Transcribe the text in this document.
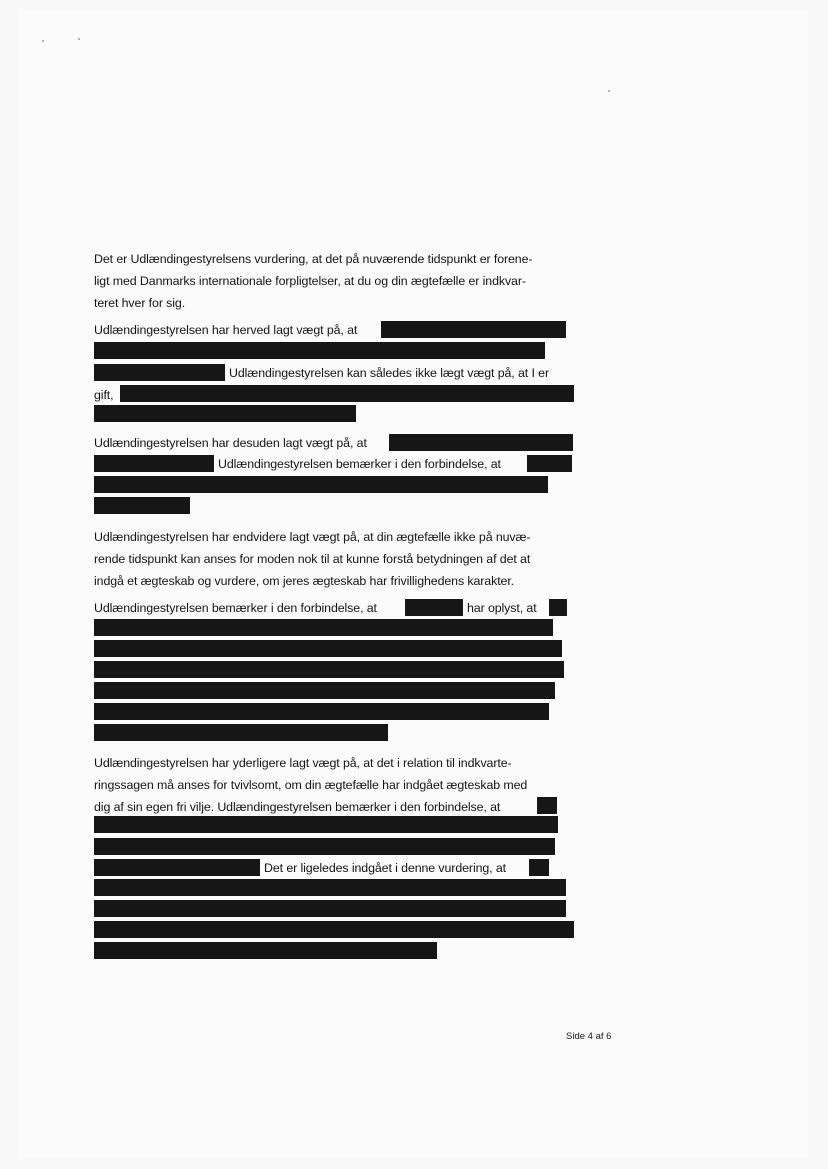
Det er Udlændingestyrelsens vurdering, at det på nuværende tidspunkt er forene-
ligt med Danmarks internationale forpligtelser, at du og din ægtefælle er indkvar-
teret hver for sig.
Udlændingestyrelsen har herved lagt vægt på, at
Udlændingestyrelsen kan således ikke lægt vægt på, at I er
gift,
Udlændingestyrelsen har desuden lagt vægt på, at
Udlændingestyrelsen bemærker i den forbindelse, at
Udlændingestyrelsen har endvidere lagt vægt på, at din ægtefælle ikke på nuvæ-
rende tidspunkt kan anses for moden nok til at kunne forstå betydningen af det at
indgå et ægteskab og vurdere, om jeres ægteskab har frivillighedens karakter.
Udlændingestyrelsen bemærker i den forbindelse, at	har oplyst, at
Udlændingestyrelsen har yderligere lagt vægt på, at det i relation til indkvarte-
ringssagen må anses for tvivlsomt, om din ægtefælle har indgået ægteskab med
dig af sin egen fri vilje. Udlændingestyrelsen bemærker i den forbindelse, at
Det er ligeledes indgået i denne vurdering, at
Side 4 af 6
